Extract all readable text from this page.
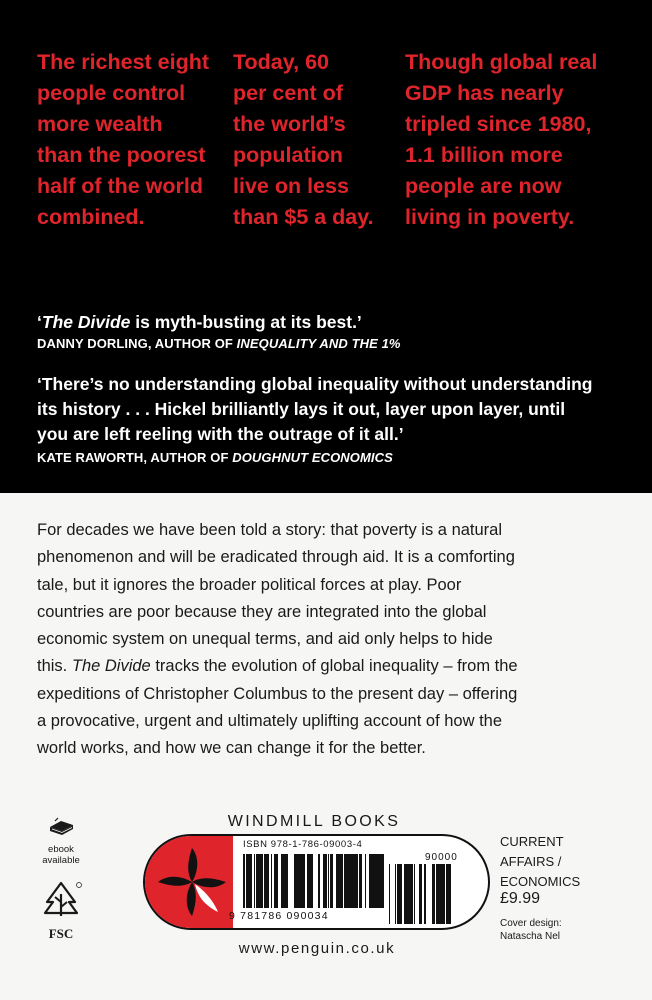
The richest eight
people control
more wealth
than the poorest
half of the world
combined.
Today, 60
per cent of
the world’s
population
live on less
than $5 a day.
Though global real
GDP has nearly
tripled since 1980,
1.1 billion more
people are now
living in poverty.
‘The Divide is myth-busting at its best.’
DANNY DORLING, AUTHOR OF INEQUALITY AND THE 1%
‘There’s no understanding global inequality without understanding
its history . . . Hickel brilliantly lays it out, layer upon layer, until
you are left reeling with the outrage of it all.’
KATE RAWORTH, AUTHOR OF DOUGHNUT ECONOMICS
For decades we have been told a story: that poverty is a natural
phenomenon and will be eradicated through aid. It is a comforting
tale, but it ignores the broader political forces at play. Poor
countries are poor because they are integrated into the global
economic system on unequal terms, and aid only helps to hide
this. The Divide tracks the evolution of global inequality – from the
expeditions of Christopher Columbus to the present day – offering
a provocative, urgent and ultimately uplifting account of how the
world works, and how we can change it for the better.
ebook
available
FSC
WINDMILL BOOKS
ISBN 978-1-786-09003-4
90000
9 781786 090034
www.penguin.co.uk
CURRENT
AFFAIRS /
ECONOMICS
£9.99
Cover design:
Natascha Nel
